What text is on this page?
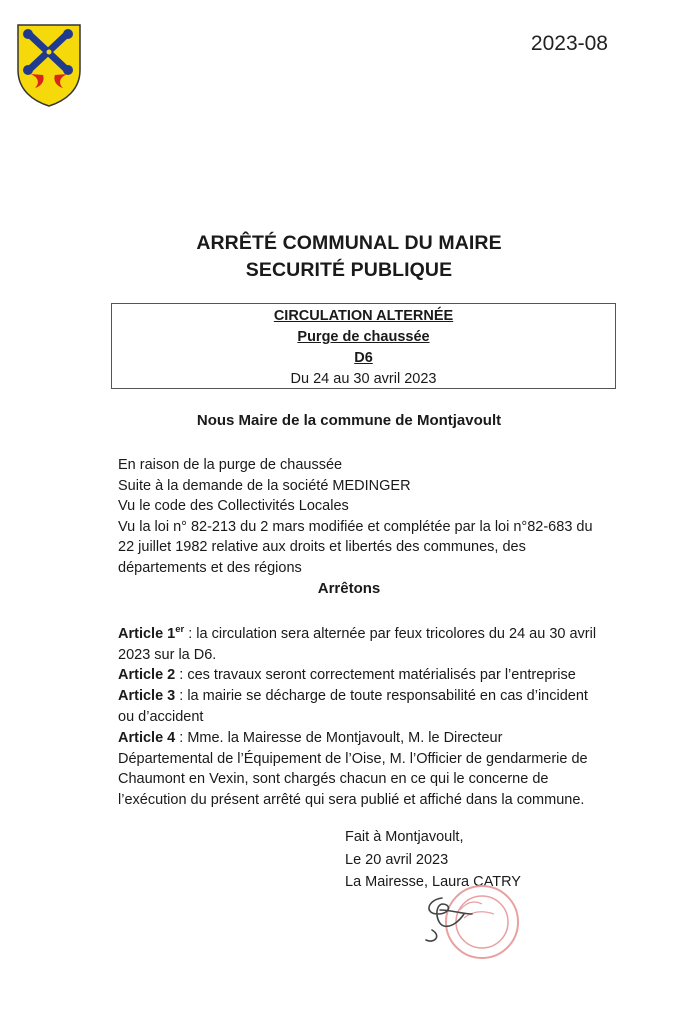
2023-08
ARRÊTÉ COMMUNAL DU MAIRE
SECURITÉ PUBLIQUE
CIRCULATION ALTERNÉE
Purge de chaussée
D6
Du 24 au 30 avril 2023
Nous Maire de la commune de Montjavoult
En raison de la purge de chaussée
Suite à la demande de la société MEDINGER
Vu le code des Collectivités Locales
Vu la loi n° 82-213 du 2 mars modifiée et complétée par la loi n°82-683 du
22 juillet 1982 relative aux droits et libertés des communes, des
départements et des régions
Arrêtons
Article 1er : la circulation sera alternée par feux tricolores du 24 au 30 avril
2023 sur la D6.
Article 2 : ces travaux seront correctement matérialisés par l’entreprise
Article 3 : la mairie se décharge de toute responsabilité en cas d’incident
ou d’accident
Article 4 : Mme. la Mairesse de Montjavoult, M. le Directeur
Départemental de l’Équipement de l’Oise, M. l’Officier de gendarmerie de
Chaumont en Vexin, sont chargés chacun en ce qui le concerne de
l’exécution du présent arrêté qui sera publié et affiché dans la commune.
Fait à Montjavoult,
Le 20 avril 2023
La Mairesse, Laura CATRY
